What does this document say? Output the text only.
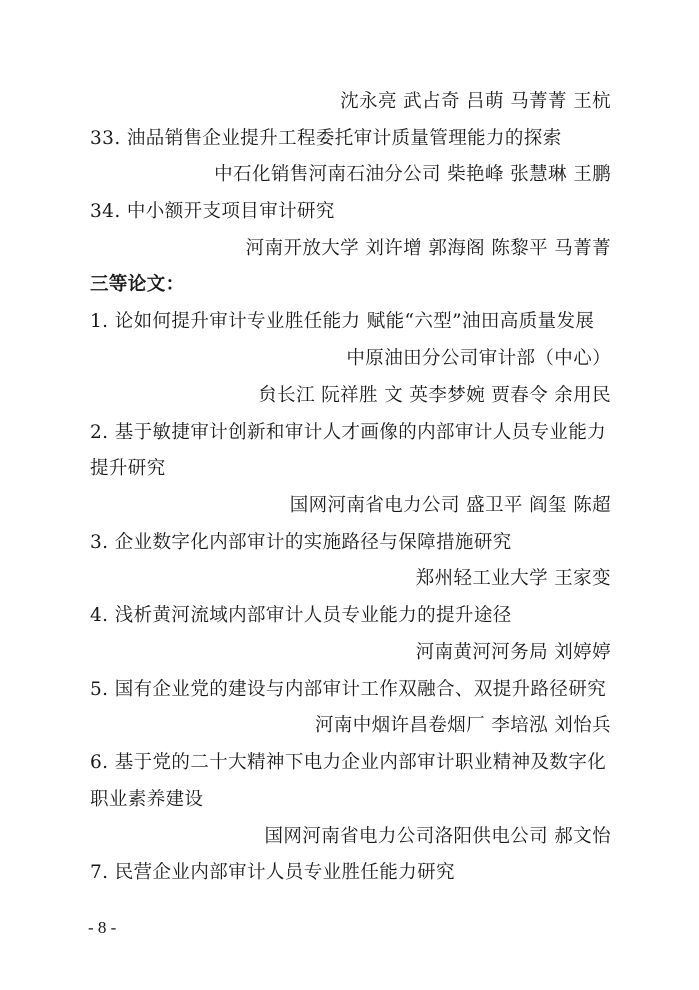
沈永亮 武占奇 吕萌 马菁菁 王杭
33. 油品销售企业提升工程委托审计质量管理能力的探索
中石化销售河南石油分公司 柴艳峰 张慧琳 王鹏
34. 中小额开支项目审计研究
河南开放大学 刘许增 郭海阁 陈黎平 马菁菁
三等论文：
1. 论如何提升审计专业胜任能力 赋能“六型”油田高质量发展
中原油田分公司审计部（中心）
贠长江 阮祥胜 文 英李梦婉 贾春令 余用民
2. 基于敏捷审计创新和审计人才画像的内部审计人员专业能力
提升研究
国网河南省电力公司 盛卫平 阎玺 陈超
3. 企业数字化内部审计的实施路径与保障措施研究
郑州轻工业大学 王家变
4. 浅析黄河流域内部审计人员专业能力的提升途径
河南黄河河务局 刘婷婷
5. 国有企业党的建设与内部审计工作双融合、双提升路径研究
河南中烟许昌卷烟厂 李培泓 刘怡兵
6. 基于党的二十大精神下电力企业内部审计职业精神及数字化
职业素养建设
国网河南省电力公司洛阳供电公司 郝文怡
7. 民营企业内部审计人员专业胜任能力研究
- 8 -
